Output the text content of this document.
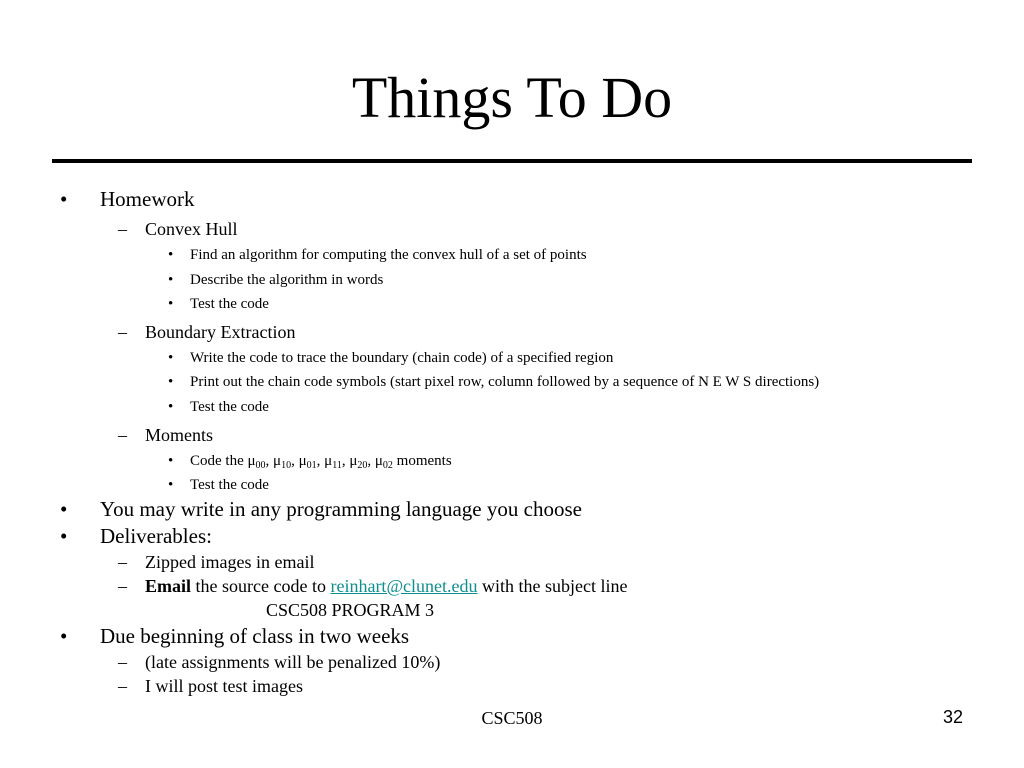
Things To Do
• Homework
– Convex Hull
• Find an algorithm for computing the convex hull of a set of points
• Describe the algorithm in words
• Test the code
– Boundary Extraction
• Write the code to trace the boundary (chain code) of a specified region
• Print out the chain code symbols (start pixel row, column followed by a sequence of N E W S directions)
• Test the code
– Moments
• Code the $\mu_{00}$, $\mu_{10}$, $\mu_{01}$, $\mu_{11}$, $\mu_{20}$, $\mu_{02}$ moments
• Test the code
• You may write in any programming language you choose
• Deliverables:
– Zipped images in email
– Email the source code to reinhart@clunet.edu with the subject line
CSC508 PROGRAM 3
• Due beginning of class in two weeks
– (late assignments will be penalized 10%)
– I will post test images
CSC508	32
